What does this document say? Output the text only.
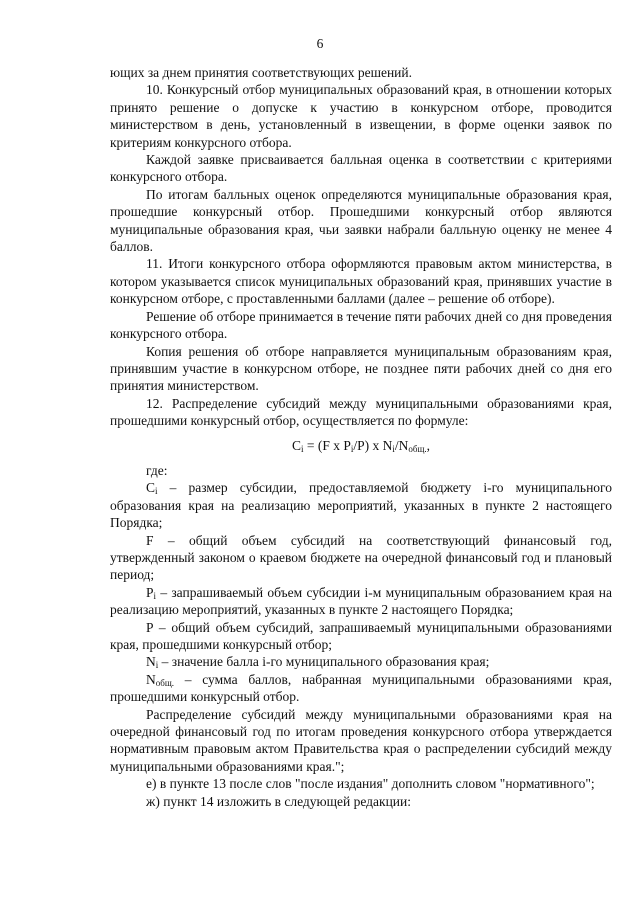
6

ющих за днем принятия соответствующих решений.

10. Конкурсный отбор муниципальных образований края, в отношении которых принято решение о допуске к участию в конкурсном отборе, проводится министерством в день, установленный в извещении, в форме оценки заявок по критериям конкурсного отбора.

Каждой заявке присваивается балльная оценка в соответствии с критериями конкурсного отбора.

По итогам балльных оценок определяются муниципальные образования края, прошедшие конкурсный отбор. Прошедшими конкурсный отбор являются муниципальные образования края, чьи заявки набрали балльную оценку не менее 4 баллов.

11. Итоги конкурсного отбора оформляются правовым актом министерства, в котором указывается список муниципальных образований края, принявших участие в конкурсном отборе, с проставленными баллами (далее – решение об отборе).

Решение об отборе принимается в течение пяти рабочих дней со дня проведения конкурсного отбора.

Копия решения об отборе направляется муниципальным образованиям края, принявшим участие в конкурсном отборе, не позднее пяти рабочих дней со дня его принятия министерством.

12. Распределение субсидий между муниципальными образованиями края, прошедшими конкурсный отбор, осуществляется по формуле:

$C_i = (F$ x $P_i/P$) x $N_i/N_{общ.}$,

где:

$C_i$ – размер субсидии, предоставляемой бюджету i-го муниципального образования края на реализацию мероприятий, указанных в пункте 2 настоящего Порядка;

F – общий объем субсидий на соответствующий финансовый год, утвержденный законом о краевом бюджете на очередной финансовый год и плановый период;

$P_i$ – запрашиваемый объем субсидии i-м муниципальным образованием края на реализацию мероприятий, указанных в пункте 2 настоящего Порядка;

P – общий объем субсидий, запрашиваемый муниципальными образованиями края, прошедшими конкурсный отбор;

$N_i$ – значение балла i-го муниципального образования края;

$N_{общ.}$ – сумма баллов, набранная муниципальными образованиями края, прошедшими конкурсный отбор.

Распределение субсидий между муниципальными образованиями края на очередной финансовый год по итогам проведения конкурсного отбора утверждается нормативным правовым актом Правительства края о распределении субсидий между муниципальными образованиями края.";

е) в пункте 13 после слов "после издания" дополнить словом "нормативного";

ж) пункт 14 изложить в следующей редакции:
